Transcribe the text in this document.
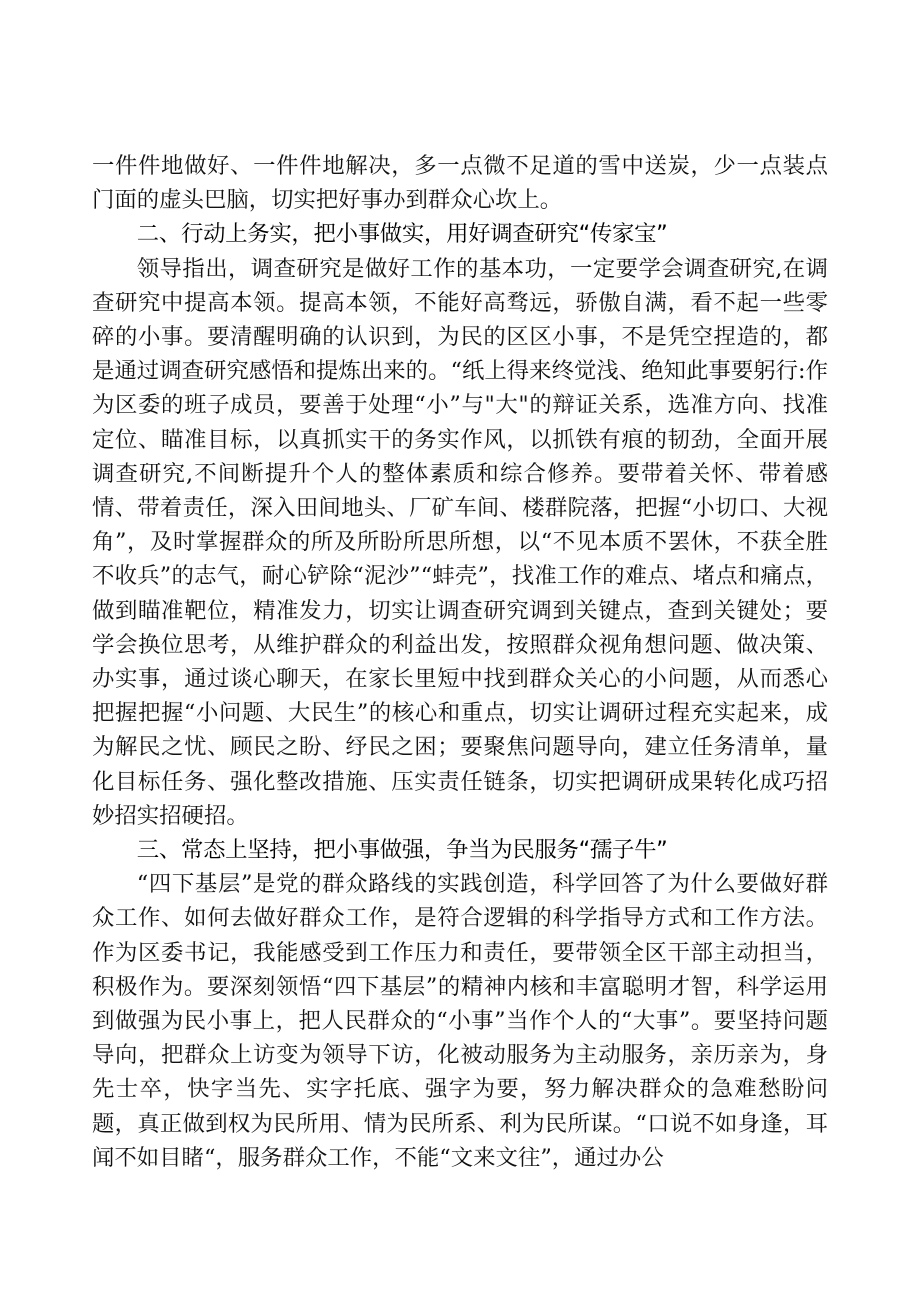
一件件地做好、一件件地解决，多一点微不足道的雪中送炭，少一点装点门面的虚头巴脑，切实把好事办到群众心坎上。

二、行动上务实，把小事做实，用好调查研究“传家宝”

领导指出，调查研究是做好工作的基本功，一定要学会调查研究,在调查研究中提高本领。提高本领，不能好高骛远，骄傲自满，看不起一些零碎的小事。要清醒明确的认识到，为民的区区小事，不是凭空捏造的，都是通过调查研究感悟和提炼出来的。“纸上得来终觉浅、绝知此事要躬行:作为区委的班子成员，要善于处理“小”与"大"的辩证关系，选准方向、找准定位、瞄准目标，以真抓实干的务实作风，以抓铁有痕的韧劲，全面开展调查研究,不间断提升个人的整体素质和综合修养。要带着关怀、带着感情、带着责任，深入田间地头、厂矿车间、楼群院落，把握“小切口、大视角”，及时掌握群众的所及所盼所思所想，以“不见本质不罢休，不获全胜不收兵”的志气，耐心铲除“泥沙”“蚌壳”，找准工作的难点、堵点和痛点，做到瞄准靶位，精准发力，切实让调查研究调到关键点，查到关键处；要学会换位思考，从维护群众的利益出发，按照群众视角想问题、做决策、办实事，通过谈心聊天，在家长里短中找到群众关心的小问题，从而悉心把握把握“小问题、大民生”的核心和重点，切实让调研过程充实起来，成为解民之忧、顾民之盼、纾民之困；要聚焦问题导向，建立任务清单，量化目标任务、强化整改措施、压实责任链条，切实把调研成果转化成巧招妙招实招硬招。

三、常态上坚持，把小事做强，争当为民服务“孺子牛”

“四下基层”是党的群众路线的实践创造，科学回答了为什么要做好群众工作、如何去做好群众工作，是符合逻辑的科学指导方式和工作方法。作为区委书记，我能感受到工作压力和责任，要带领全区干部主动担当，积极作为。要深刻领悟“四下基层”的精神内核和丰富聪明才智，科学运用到做强为民小事上，把人民群众的“小事”当作个人的“大事”。要坚持问题导向，把群众上访变为领导下访，化被动服务为主动服务，亲历亲为，身先士卒，快字当先、实字托底、强字为要，努力解决群众的急难愁盼问题，真正做到权为民所用、情为民所系、利为民所谋。“口说不如身逢，耳闻不如目睹“，服务群众工作，不能“文来文往”，通过办公
